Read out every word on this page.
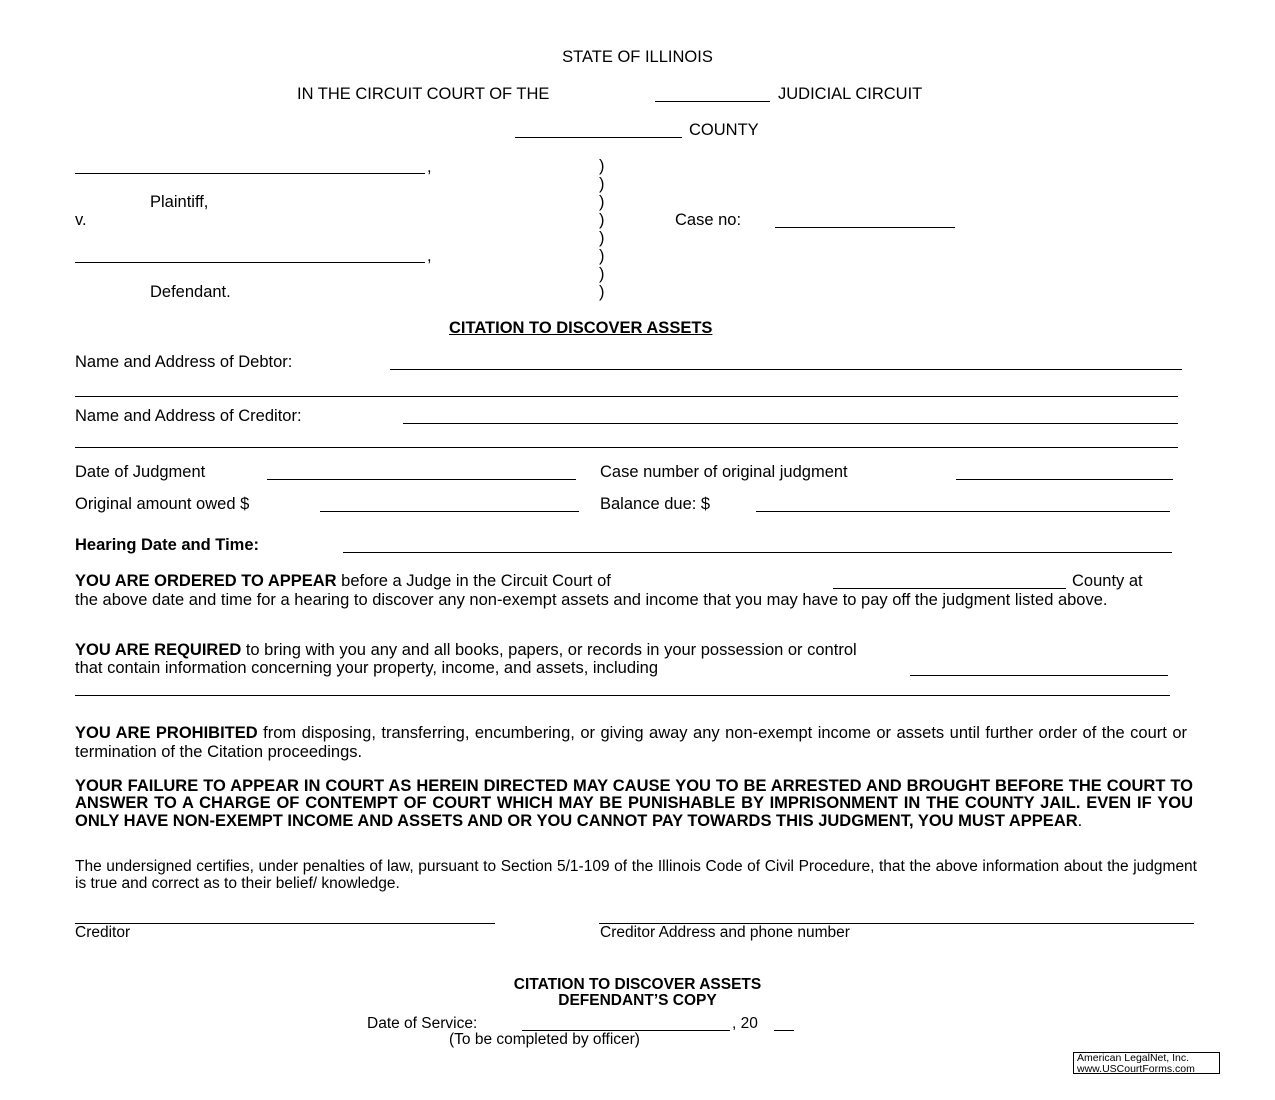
STATE OF ILLINOIS
IN THE CIRCUIT COURT OF THE	JUDICIAL CIRCUIT
COUNTY
,
Plaintiff,
v.
,
Defendant.
)
)
)
)
)
)
)
)
Case no:
CITATION TO DISCOVER ASSETS
Name and Address of Debtor:
Name and Address of Creditor:
Date of Judgment	Case number of original judgment
Original amount owed $	Balance due: $
Hearing Date and Time:
YOU ARE ORDERED TO APPEAR before a Judge in the Circuit Court of	County at
the above date and time for a hearing to discover any non-exempt assets and income that you may have to pay off the judgment listed above.
YOU ARE REQUIRED to bring with you any and all books, papers, or records in your possession or control
that contain information concerning your property, income, and assets, including
YOU ARE PROHIBITED from disposing, transferring, encumbering, or giving away any non-exempt income or assets until further order of the court or termination of the Citation proceedings.
YOUR FAILURE TO APPEAR IN COURT AS HEREIN DIRECTED MAY CAUSE YOU TO BE ARRESTED AND BROUGHT BEFORE THE COURT TO ANSWER TO A CHARGE OF CONTEMPT OF COURT WHICH MAY BE PUNISHABLE BY IMPRISONMENT IN THE COUNTY JAIL. EVEN IF YOU ONLY HAVE NON-EXEMPT INCOME AND ASSETS AND OR YOU CANNOT PAY TOWARDS THIS JUDGMENT, YOU MUST APPEAR.
The undersigned certifies, under penalties of law, pursuant to Section 5/1-109 of the Illinois Code of Civil Procedure, that the above information about the judgment is true and correct as to their belief/ knowledge.
Creditor	Creditor Address and phone number
CITATION TO DISCOVER ASSETS
DEFENDANT’S COPY
Date of Service:	, 20
(To be completed by officer)
American LegalNet, Inc.
www.USCourtForms.com
